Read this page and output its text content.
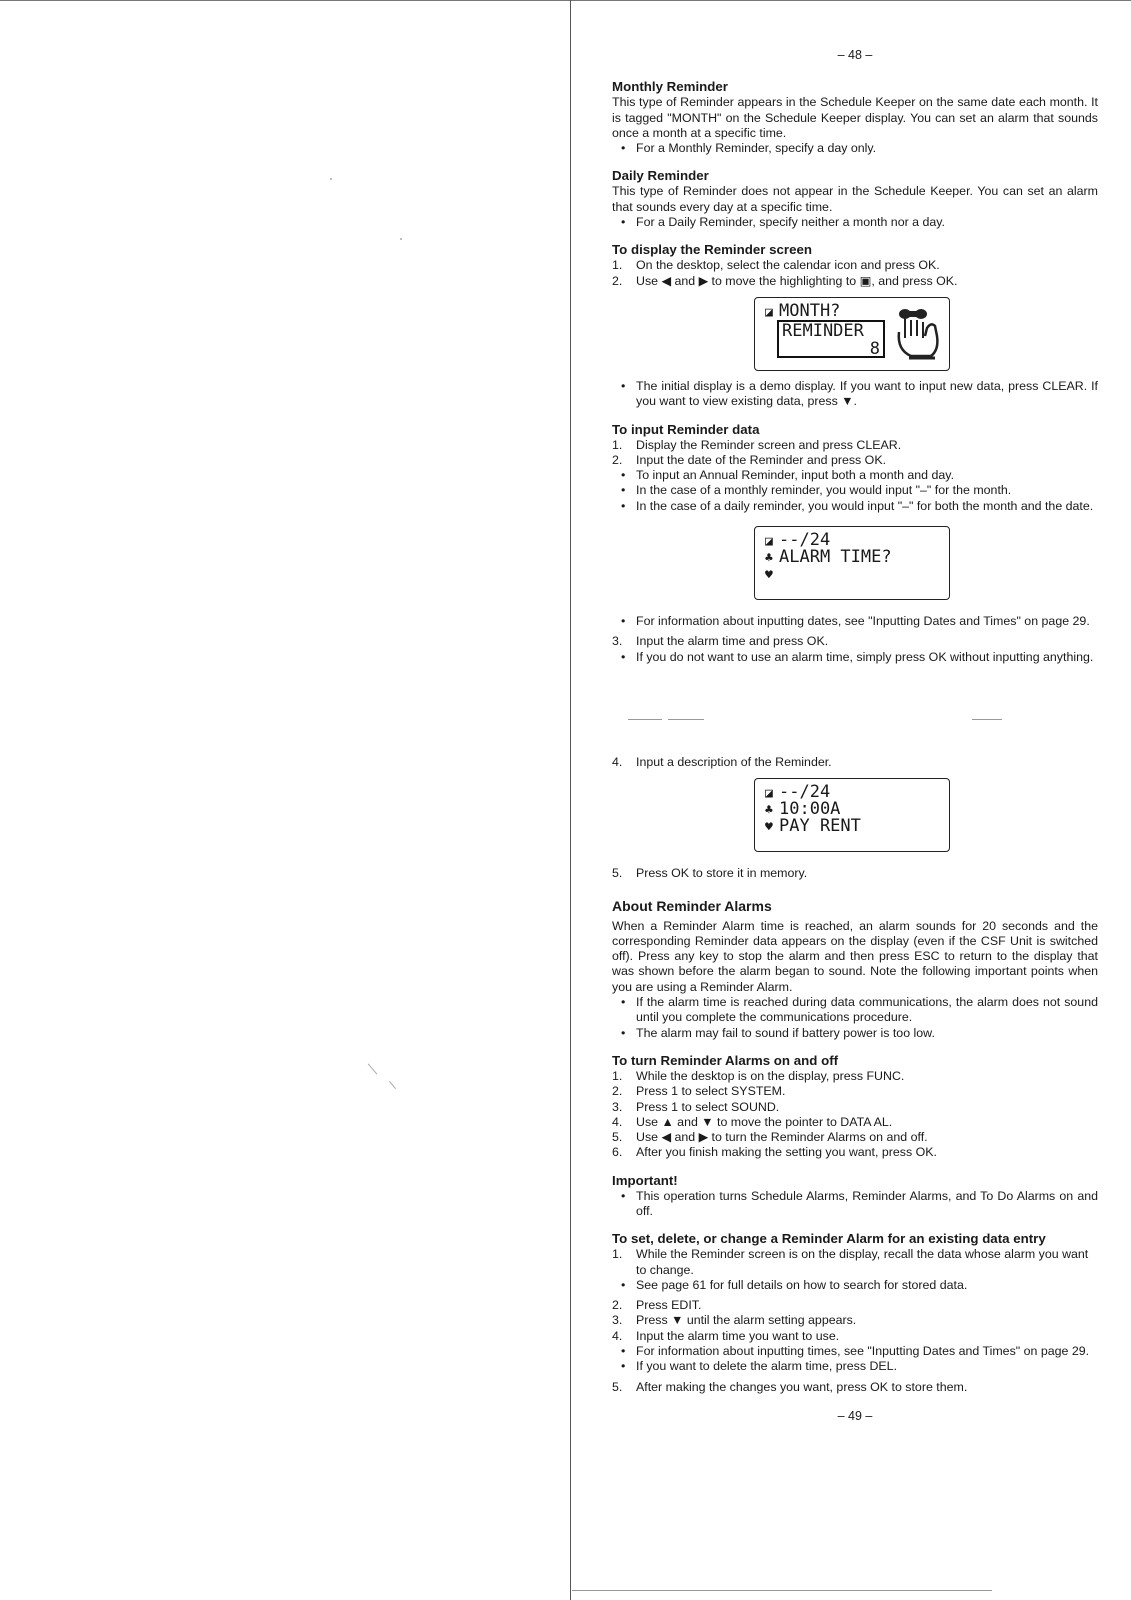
– 48 –
Monthly Reminder

This type of Reminder appears in the Schedule Keeper on the same date each month. It is tagged "MONTH" on the Schedule Keeper display. You can set an alarm that sounds once a month at a specific time.

• For a Monthly Reminder, specify a day only.
Daily Reminder

This type of Reminder does not appear in the Schedule Keeper. You can set an alarm that sounds every day at a specific time.

• For a Daily Reminder, specify neither a month nor a day.
To display the Reminder screen
1. On the desktop, select the calendar icon and press OK.
2. Use ◀ and ▶ to move the highlighting to ▣, and press OK.
◪ MONTH?
REMINDER
8
• The initial display is a demo display. If you want to input new data, press CLEAR. If you want to view existing data, press ▼.
To input Reminder data
1. Display the Reminder screen and press CLEAR.
2. Input the date of the Reminder and press OK.
• To input an Annual Reminder, input both a month and day.
• In the case of a monthly reminder, you would input "–" for the month.
• In the case of a daily reminder, you would input "–" for both the month and the date.
◪ --/24
♣ ALARM TIME?
♥
• For information about inputting dates, see "Inputting Dates and Times" on page 29.
3. Input the alarm time and press OK.
• If you do not want to use an alarm time, simply press OK without inputting anything.
4. Input a description of the Reminder.
◪ --/24
♣ 10:00A
♥ PAY RENT
5. Press OK to store it in memory.
About Reminder Alarms

When a Reminder Alarm time is reached, an alarm sounds for 20 seconds and the corresponding Reminder data appears on the display (even if the CSF Unit is switched off). Press any key to stop the alarm and then press ESC to return to the display that was shown before the alarm began to sound. Note the following important points when you are using a Reminder Alarm.

• If the alarm time is reached during data communications, the alarm does not sound until you complete the communications procedure.
• The alarm may fail to sound if battery power is too low.
To turn Reminder Alarms on and off
1. While the desktop is on the display, press FUNC.
2. Press 1 to select SYSTEM.
3. Press 1 to select SOUND.
4. Use ▲ and ▼ to move the pointer to DATA AL.
5. Use ◀ and ▶ to turn the Reminder Alarms on and off.
6. After you finish making the setting you want, press OK.
Important!
• This operation turns Schedule Alarms, Reminder Alarms, and To Do Alarms on and off.
To set, delete, or change a Reminder Alarm for an existing data entry
1. While the Reminder screen is on the display, recall the data whose alarm you want to change.
• See page 61 for full details on how to search for stored data.
2. Press EDIT.
3. Press ▼ until the alarm setting appears.
4. Input the alarm time you want to use.
• For information about inputting times, see "Inputting Dates and Times" on page 29.
• If you want to delete the alarm time, press DEL.
5. After making the changes you want, press OK to store them.
– 49 –
